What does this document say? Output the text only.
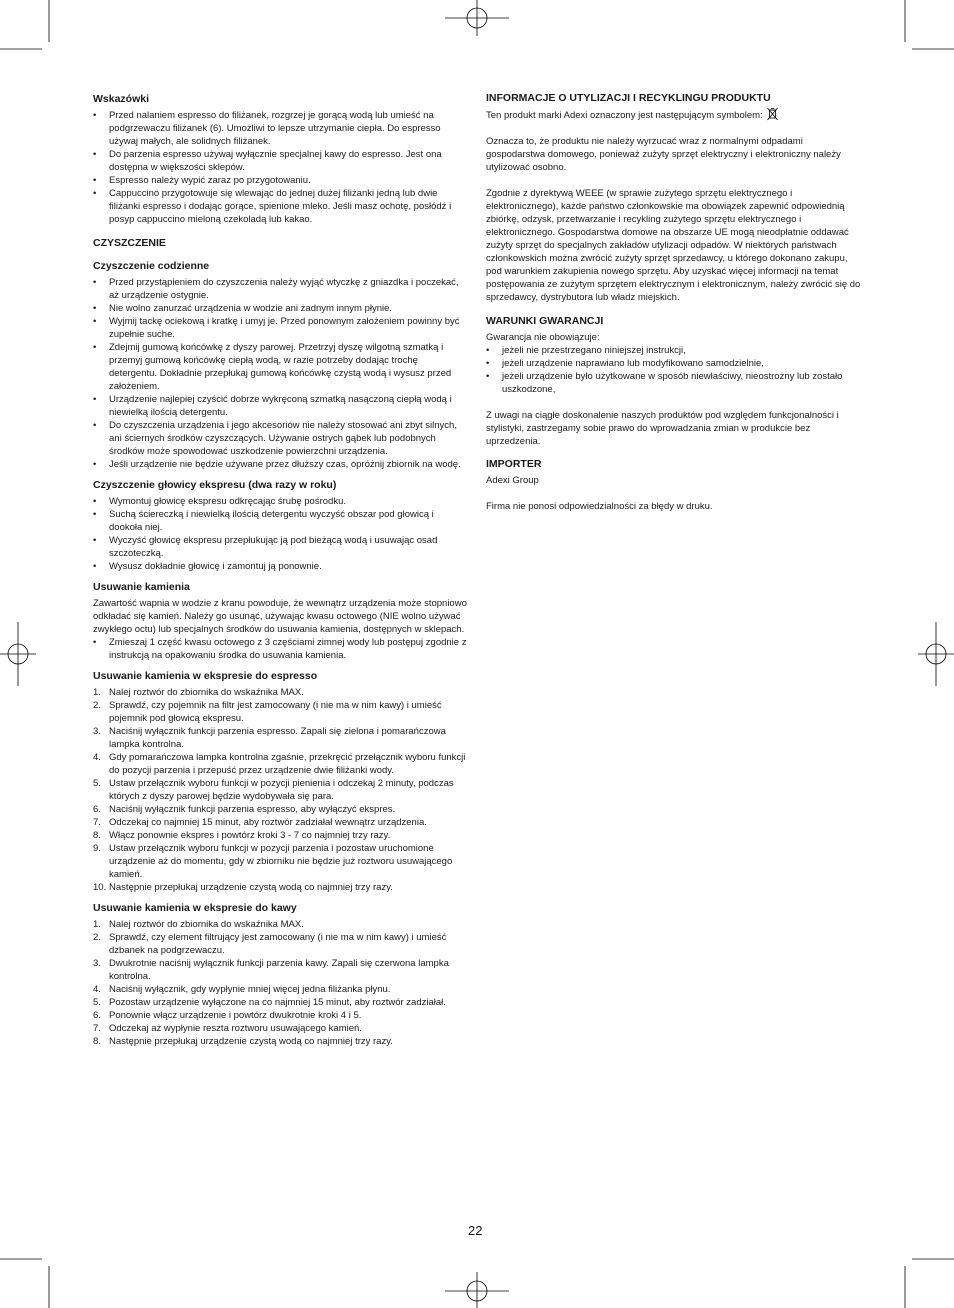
Wskazówki
• Przed nalaniem espresso do filiżanek, rozgrzej je gorącą wodą lub umieść na podgrzewaczu filiżanek (6). Umożliwi to lepsze utrzymanie ciepła. Do espresso używaj małych, ale solidnych filiżanek.
• Do parzenia espresso używaj wyłącznie specjalnej kawy do espresso. Jest ona dostępna w większości sklepów.
• Espresso należy wypić zaraz po przygotowaniu.
• Cappuccino przygotowuje się wlewając do jednej dużej filiżanki jedną lub dwie filiżanki espresso i dodając gorące, spienione mleko. Jeśli masz ochotę, posłódź i posyp cappuccino mieloną czekoladą lub kakao.
CZYSZCZENIE
Czyszczenie codzienne
• Przed przystąpieniem do czyszczenia należy wyjąć wtyczkę z gniazdka i poczekać, aż urządzenie ostygnie.
• Nie wolno zanurzać urządzenia w wodzie ani żadnym innym płynie.
• Wyjmij tackę ociekową i kratkę i umyj je. Przed ponownym założeniem powinny być zupełnie suche.
• Zdejmij gumową końcówkę z dyszy parowej. Przetrzyj dyszę wilgotną szmatką i przemyj gumową końcówkę ciepłą wodą, w razie potrzeby dodając trochę detergentu. Dokładnie przepłukaj gumową końcówkę czystą wodą i wysusz przed założeniem.
• Urządzenie najlepiej czyścić dobrze wykręconą szmatką nasączoną ciepłą wodą i niewielką ilością detergentu.
• Do czyszczenia urządzenia i jego akcesoriów nie należy stosować ani zbyt silnych, ani ściernych środków czyszczących. Używanie ostrych gąbek lub podobnych środków może spowodować uszkodzenie powierzchni urządzenia.
• Jeśli urządzenie nie będzie używane przez dłuższy czas, opróżnij zbiornik na wodę.
Czyszczenie głowicy ekspresu (dwa razy w roku)
• Wymontuj głowicę ekspresu odkręcając śrubę pośrodku.
• Suchą ściereczką i niewielką ilością detergentu wyczyść obszar pod głowicą i dookoła niej.
• Wyczyść głowicę ekspresu przepłukując ją pod bieżącą wodą i usuwając osad szczoteczką.
• Wysusz dokładnie głowicę i zamontuj ją ponownie.
Usuwanie kamienia

Zawartość wapnia w wodzie z kranu powoduje, że wewnątrz urządzenia może stopniowo odkładać się kamień. Należy go usunąć, używając kwasu octowego (NIE wolno używać zwykłego octu) lub specjalnych środków do usuwania kamienia, dostępnych w sklepach.

• Zmieszaj 1 część kwasu octowego z 3 częściami zimnej wody lub postępuj zgodnie z instrukcją na opakowaniu środka do usuwania kamienia.
Usuwanie kamienia w ekspresie do espresso
1. Nalej roztwór do zbiornika do wskaźnika MAX.
2. Sprawdź, czy pojemnik na filtr jest zamocowany (i nie ma w nim kawy) i umieść pojemnik pod głowicą ekspresu.
3. Naciśnij wyłącznik funkcji parzenia espresso. Zapali się zielona i pomarańczowa lampka kontrolna.
4. Gdy pomarańczowa lampka kontrolna zgaśnie, przekręcić przełącznik wyboru funkcji do pozycji parzenia i przepuść przez urządzenie dwie filiżanki wody.
5. Ustaw przełącznik wyboru funkcji w pozycji pienienia i odczekaj 2 minuty, podczas których z dyszy parowej będzie wydobywała się para.
6. Naciśnij wyłącznik funkcji parzenia espresso, aby wyłączyć ekspres.
7. Odczekaj co najmniej 15 minut, aby roztwór zadziałał wewnątrz urządzenia.
8. Włącz ponownie ekspres i powtórz kroki 3 - 7 co najmniej trzy razy.
9. Ustaw przełącznik wyboru funkcji w pozycji parzenia i pozostaw uruchomione urządzenie aż do momentu, gdy w zbiorniku nie będzie już roztworu usuwającego kamień.
10. Następnie przepłukaj urządzenie czystą wodą co najmniej trzy razy.
Usuwanie kamienia w ekspresie do kawy
1. Nalej roztwór do zbiornika do wskaźnika MAX.
2. Sprawdź, czy element filtrujący jest zamocowany (i nie ma w nim kawy) i umieść dzbanek na podgrzewaczu.
3. Dwukrotnie naciśnij wyłącznik funkcji parzenia kawy. Zapali się czerwona lampka kontrolna.
4. Naciśnij wyłącznik, gdy wypłynie mniej więcej jedna filiżanka płynu.
5. Pozostaw urządzenie wyłączone na co najmniej 15 minut, aby roztwór zadziałał.
6. Ponownie włącz urządzenie i powtórz dwukrotnie kroki 4 i 5.
7. Odczekaj aż wypłynie reszta roztworu usuwającego kamień.
8. Następnie przepłukaj urządzenie czystą wodą co najmniej trzy razy.
INFORMACJE O UTYLIZACJI I RECYKLINGU PRODUKTU

Ten produkt marki Adexi oznaczony jest następującym symbolem:

Oznacza to, że produktu nie należy wyrzucać wraz z normalnymi odpadami gospodarstwa domowego, ponieważ zużyty sprzęt elektryczny i elektroniczny należy utylizować osobno.

Zgodnie z dyrektywą WEEE (w sprawie zużytego sprzętu elektrycznego i elektronicznego), każde państwo członkowskie ma obowiązek zapewnić odpowiednią zbiórkę, odzysk, przetwarzanie i recykling zużytego sprzętu elektrycznego i elektronicznego. Gospodarstwa domowe na obszarze UE mogą nieodpłatnie oddawać zużyty sprzęt do specjalnych zakładów utylizacji odpadów. W niektórych państwach członkowskich można zwrócić zużyty sprzęt sprzedawcy, u którego dokonano zakupu, pod warunkiem zakupienia nowego sprzętu. Aby uzyskać więcej informacji na temat postępowania ze zużytym sprzętem elektrycznym i elektronicznym, należy zwrócić się do sprzedawcy, dystrybutora lub władz miejskich.

WARUNKI GWARANCJI

Gwarancja nie obowiązuje:

• jeżeli nie przestrzegano niniejszej instrukcji,
• jeżeli urządzenie naprawiano lub modyfikowano samodzielnie,
• jeżeli urządzenie było użytkowane w sposób niewłaściwy, nieostrożny lub zostało uszkodzone,

Z uwagi na ciągłe doskonalenie naszych produktów pod względem funkcjonalności i stylistyki, zastrzegamy sobie prawo do wprowadzania zmian w produkcie bez uprzedzenia.

IMPORTER

Adexi Group

Firma nie ponosi odpowiedzialności za błędy w druku.

22
